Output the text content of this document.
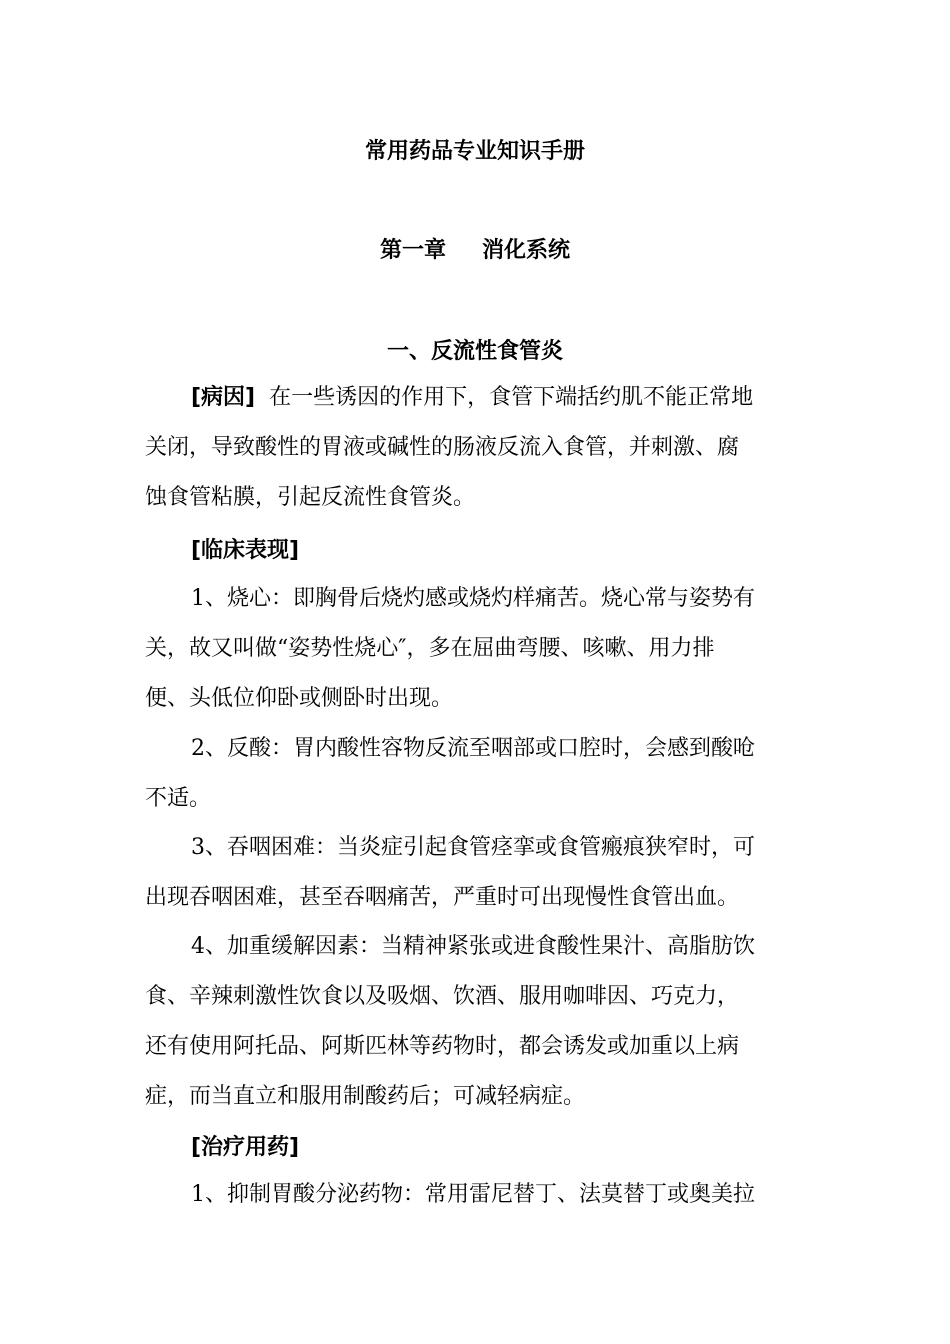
常用药品专业知识手册
第一章 消化系统
一、反流性食管炎
[病因] 在一些诱因的作用下，食管下端括约肌不能正常地
关闭，导致酸性的胃液或碱性的肠液反流入食管，并刺激、腐
蚀食管粘膜，引起反流性食管炎。
[临床表现]
1、烧心：即胸骨后烧灼感或烧灼样痛苦。烧心常与姿势有
关，故又叫做“姿势性烧心″，多在屈曲弯腰、咳嗽、用力排
便、头低位仰卧或侧卧时出现。
2、反酸：胃内酸性容物反流至咽部或口腔时，会感到酸呛
不适。
3、吞咽困难：当炎症引起食管痉挛或食管瘢痕狭窄时，可
出现吞咽困难，甚至吞咽痛苦，严重时可出现慢性食管出血。
4、加重缓解因素：当精神紧张或进食酸性果汁、高脂肪饮
食、辛辣刺激性饮食以及吸烟、饮酒、服用咖啡因、巧克力，
还有使用阿托品、阿斯匹林等药物时，都会诱发或加重以上病
症，而当直立和服用制酸药后；可减轻病症。
[治疗用药]
1、抑制胃酸分泌药物：常用雷尼替丁、法莫替丁或奥美拉
